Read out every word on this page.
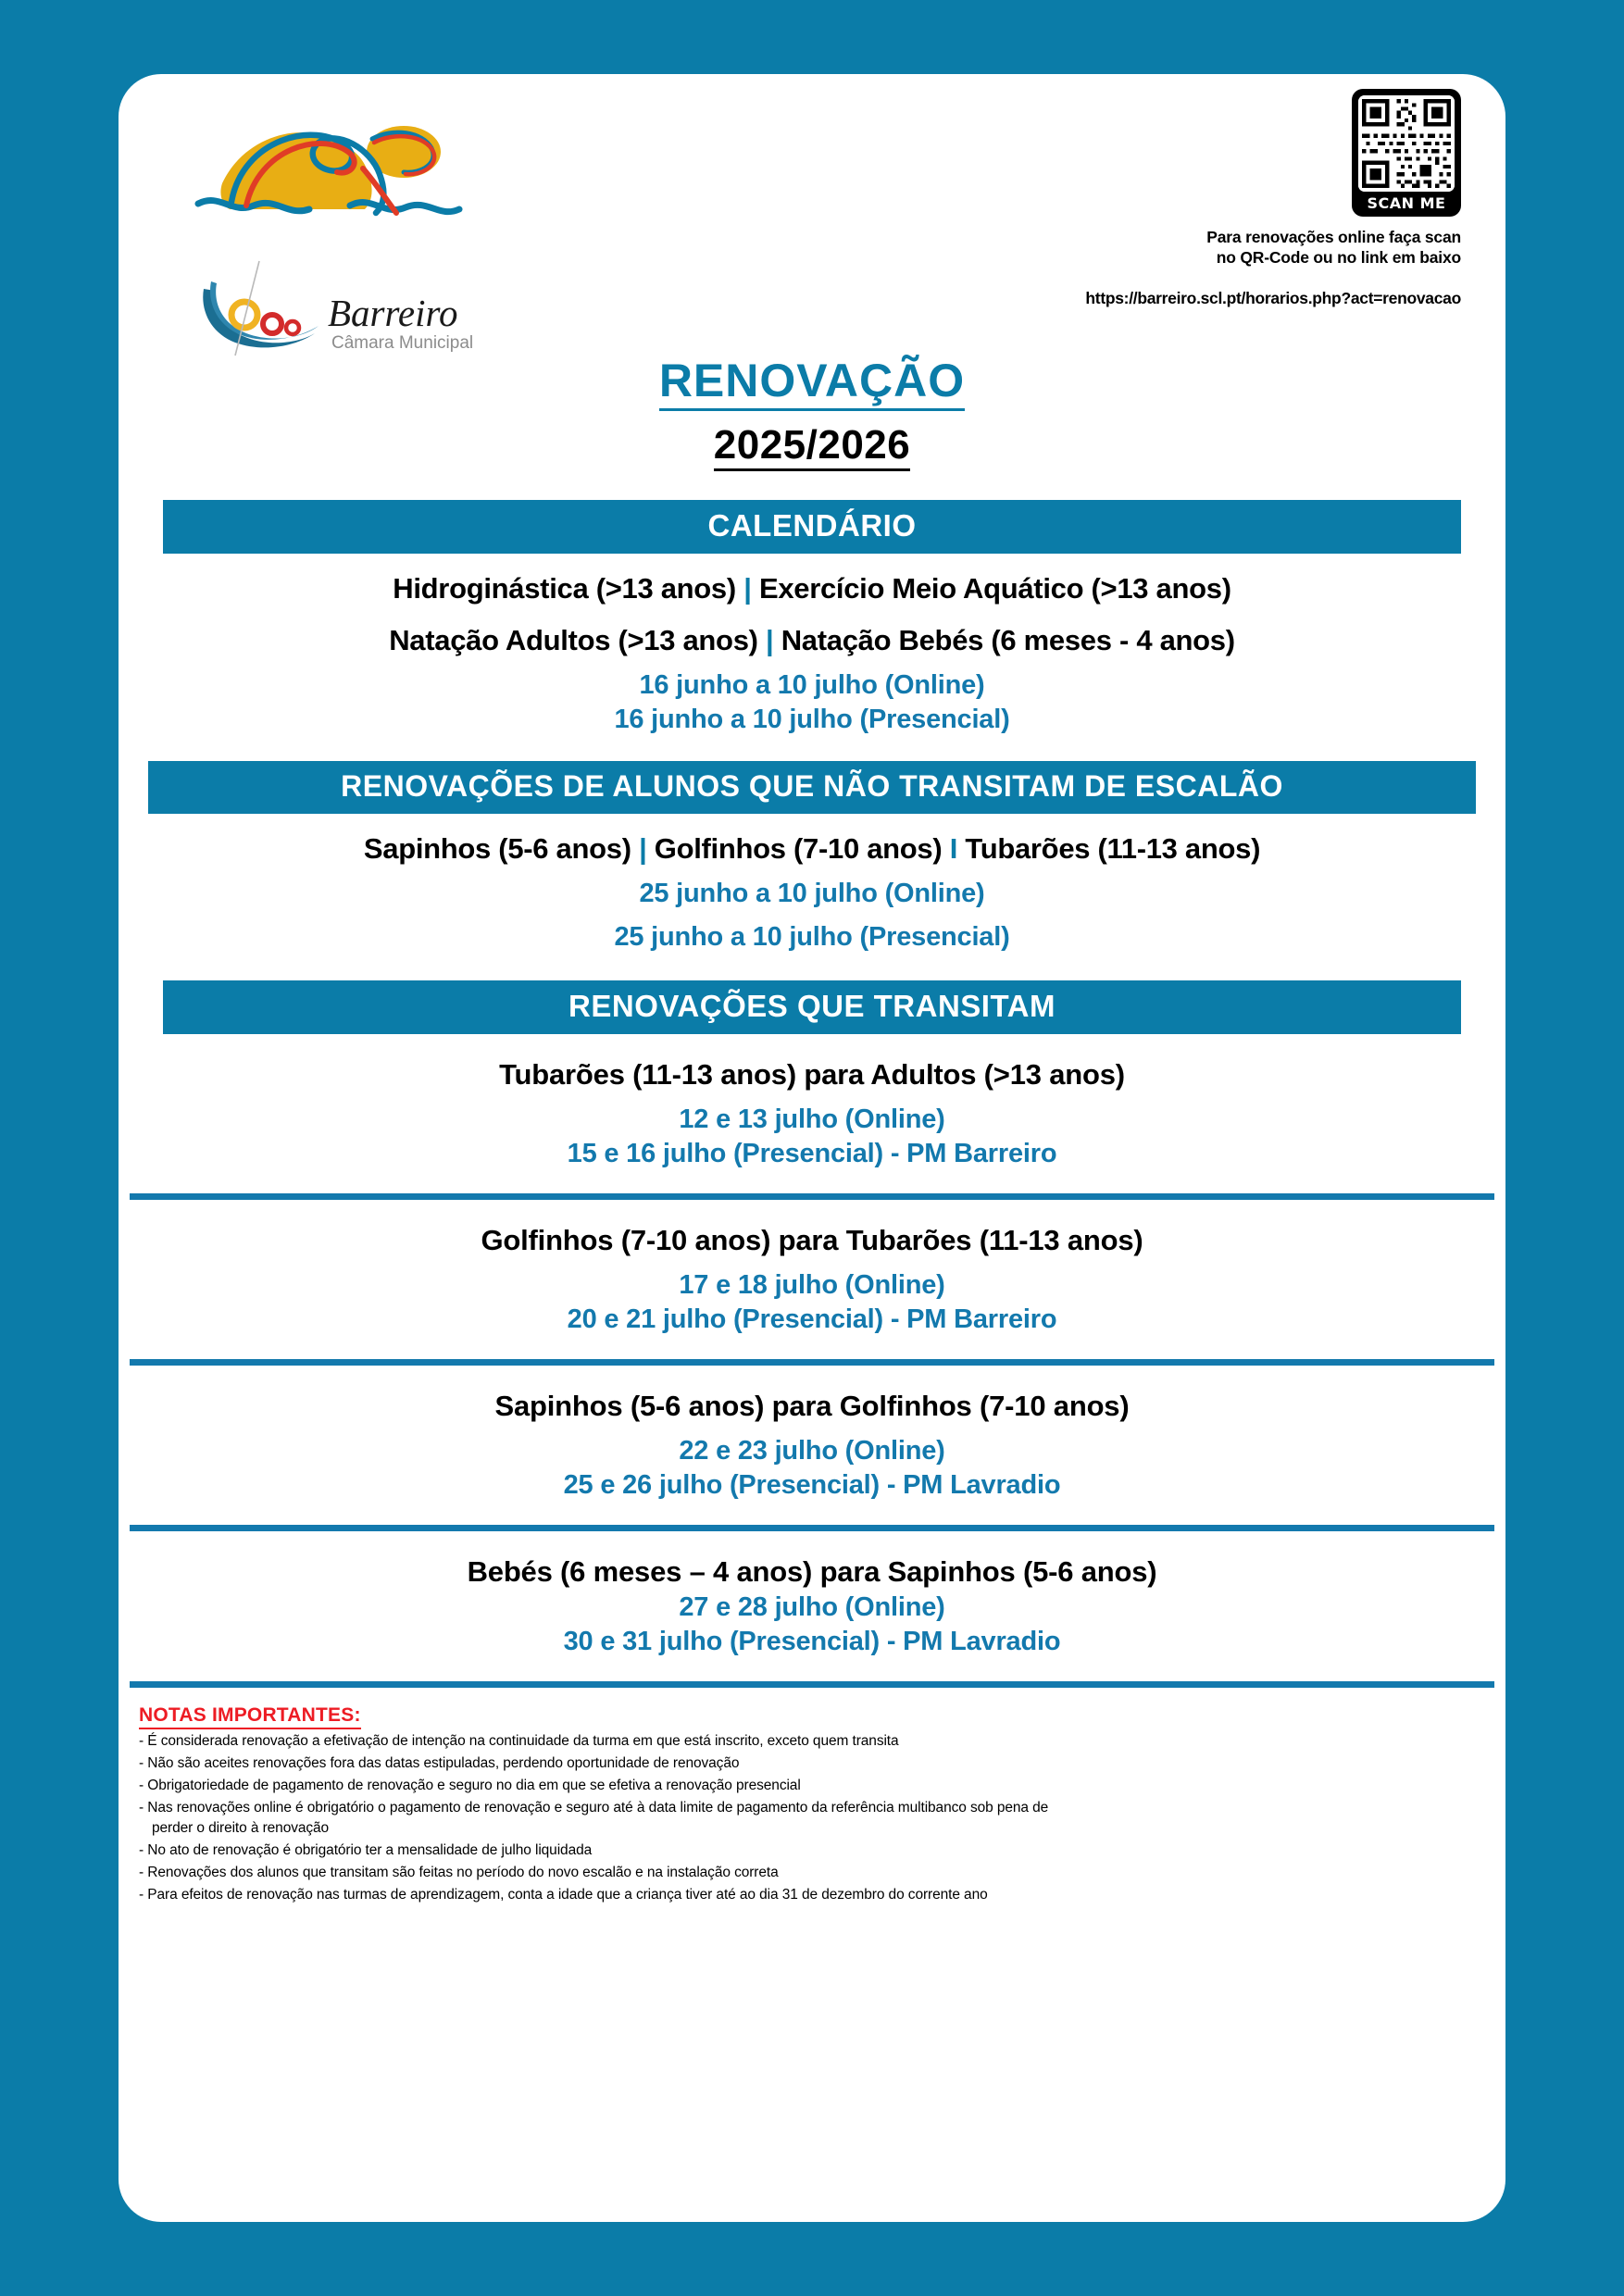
Barreiro
Câmara Municipal
SCAN ME
Para renovações online faça scan
no QR-Code ou no link em baixo
https://barreiro.scl.pt/horarios.php?act=renovacao
RENOVAÇÃO
2025/2026
CALENDÁRIO
Hidroginástica (>13 anos) | Exercício Meio Aquático (>13 anos)
Natação Adultos (>13 anos) | Natação Bebés (6 meses - 4 anos)
16 junho a 10 julho (Online)
16 junho a 10 julho (Presencial)
RENOVAÇÕES DE ALUNOS QUE NÃO TRANSITAM DE ESCALÃO
Sapinhos (5-6 anos) | Golfinhos (7-10 anos) I Tubarões (11-13 anos)
25 junho a 10 julho (Online)
25 junho a 10 julho (Presencial)
RENOVAÇÕES QUE TRANSITAM
Tubarões (11-13 anos) para Adultos (>13 anos)
12 e 13 julho (Online)
15 e 16 julho (Presencial) - PM Barreiro
Golfinhos (7-10 anos) para Tubarões (11-13 anos)
17 e 18 julho (Online)
20 e 21 julho (Presencial) - PM Barreiro
Sapinhos (5-6 anos) para Golfinhos (7-10 anos)
22 e 23 julho (Online)
25 e 26 julho (Presencial) - PM Lavradio
Bebés (6 meses – 4 anos) para Sapinhos (5-6 anos)
27 e 28 julho (Online)
30 e 31 julho (Presencial) - PM Lavradio
NOTAS IMPORTANTES:
- É considerada renovação a efetivação de intenção na continuidade da turma em que está inscrito, exceto quem transita
- Não são aceites renovações fora das datas estipuladas, perdendo oportunidade de renovação
- Obrigatoriedade de pagamento de renovação e seguro no dia em que se efetiva a renovação presencial
- Nas renovações online é obrigatório o pagamento de renovação e seguro até à data limite de pagamento da referência multibanco sob pena de
perder o direito à renovação
- No ato de renovação é obrigatório ter a mensalidade de julho liquidada
- Renovações dos alunos que transitam são feitas no período do novo escalão e na instalação correta
- Para efeitos de renovação nas turmas de aprendizagem, conta a idade que a criança tiver até ao dia 31 de dezembro do corrente ano
